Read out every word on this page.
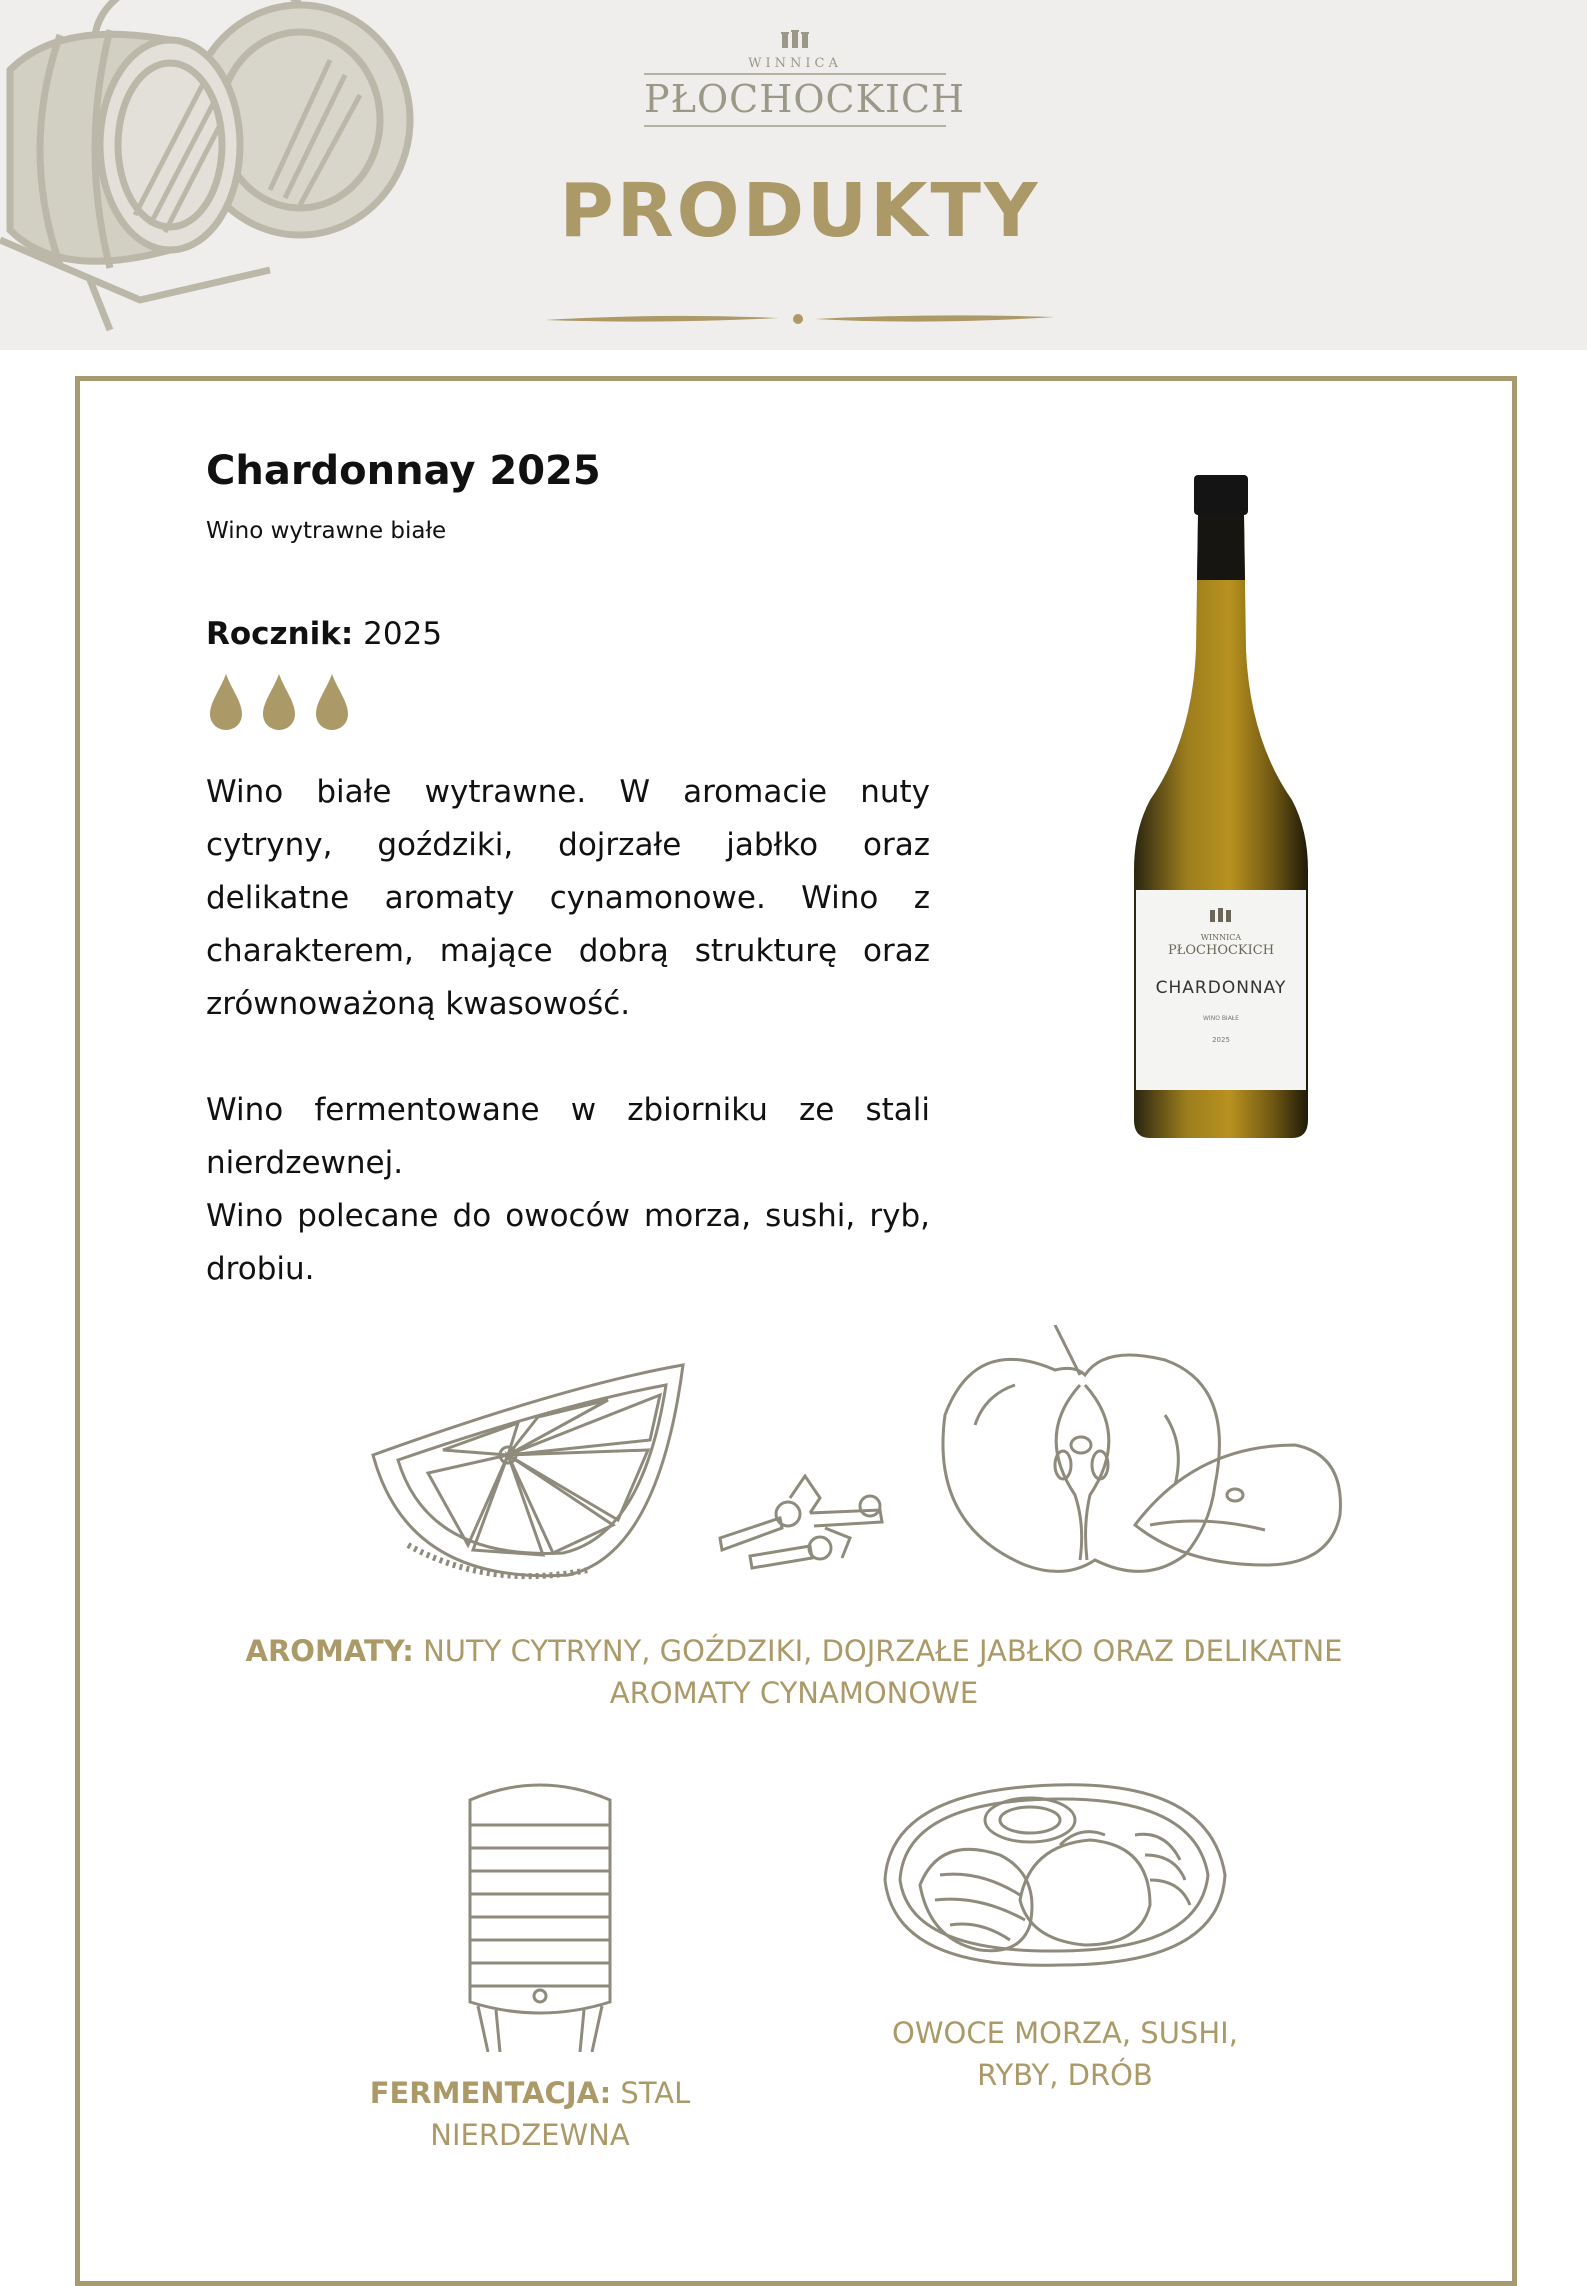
WINNICA
PŁOCHOCKICH
PRODUKTY
Chardonnay 2025
Wino wytrawne białe
Rocznik: 2025

Wino białe wytrawne. W aromacie nuty cytryny, goździki, dojrzałe jabłko oraz delikatne aromaty cynamonowe. Wino z charakterem, mające dobrą strukturę oraz zrównoważoną kwasowość.

Wino fermentowane w zbiorniku ze stali nierdzewnej.

Wino polecane do owoców morza, sushi, ryb, drobiu.

WINNICA
PŁOCHOCKICH
CHARDONNAY
WINO BIAŁE
2025
AROMATY: NUTY CYTRYNY, GOŹDZIKI, DOJRZAŁE JABŁKO ORAZ DELIKATNE AROMATY CYNAMONOWE
FERMENTACJA: STAL NIERDZEWNA
OWOCE MORZA, SUSHI, RYBY, DRÓB
